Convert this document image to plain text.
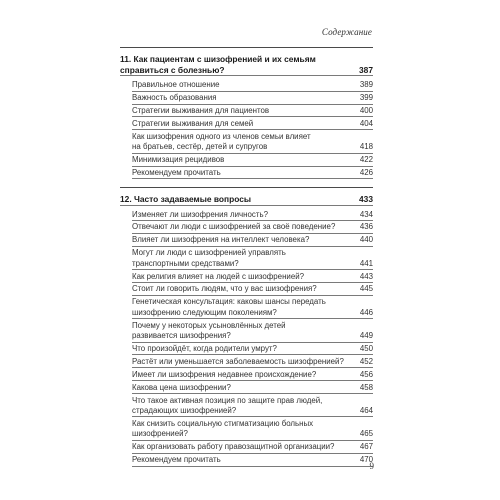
Содержание
11. Как пациентам с шизофренией и их семьям
справиться с болезнью?	387
Правильное отношение	389
Важность образования	399
Стратегии выживания для пациентов	400
Стратегии выживания для семей	404
Как шизофрения одного из членов семьи влияет
на братьев, сестёр, детей и супругов	418
Минимизация рецидивов	422
Рекомендуем прочитать	426
12. Часто задаваемые вопросы	433
Изменяет ли шизофрения личность?	434
Отвечают ли люди с шизофренией за своё поведение?	436
Влияет ли шизофрения на интеллект человека?	440
Могут ли люди с шизофренией управлять
транспортными средствами?	441
Как религия влияет на людей с шизофренией?	443
Стоит ли говорить людям, что у вас шизофрения?	445
Генетическая консультация: каковы шансы передать
шизофрению следующим поколениям?	446
Почему у некоторых усыновлённых детей
развивается шизофрения?	449
Что произойдёт, когда родители умрут?	450
Растёт или уменьшается заболеваемость шизофренией?	452
Имеет ли шизофрения недавнее происхождение?	456
Какова цена шизофрении?	458
Что такое активная позиция по защите прав людей,
страдающих шизофренией?	464
Как снизить социальную стигматизацию больных
шизофренией?	465
Как организовать работу правозащитной организации?	467
Рекомендуем прочитать	470
9
